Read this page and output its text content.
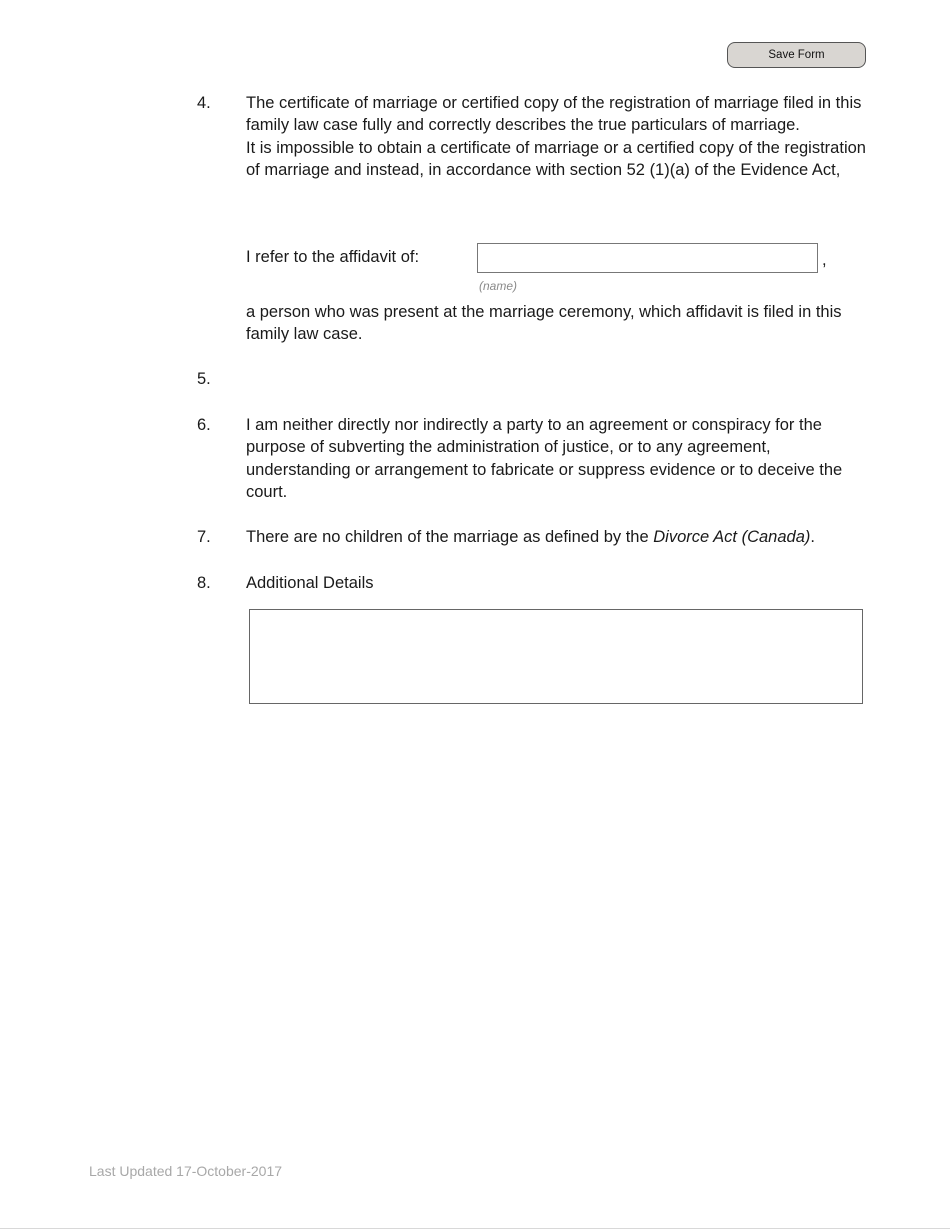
Save Form
4. The certificate of marriage or certified copy of the registration of marriage filed in this family law case fully and correctly describes the true particulars of marriage.

It is impossible to obtain a certificate of marriage or a certified copy of the registration of marriage and instead, in accordance with section 52 (1)(a) of the Evidence Act,

I refer to the affidavit of:	,
(name)
a person who was present at the marriage ceremony, which affidavit is filed in this family law case.
5.
6. I am neither directly nor indirectly a party to an agreement or conspiracy for the purpose of subverting the administration of justice, or to any agreement, understanding or arrangement to fabricate or suppress evidence or to deceive the court.
7. There are no children of the marriage as defined by the Divorce Act (Canada).
8. Additional Details
Last Updated 17-October-2017
